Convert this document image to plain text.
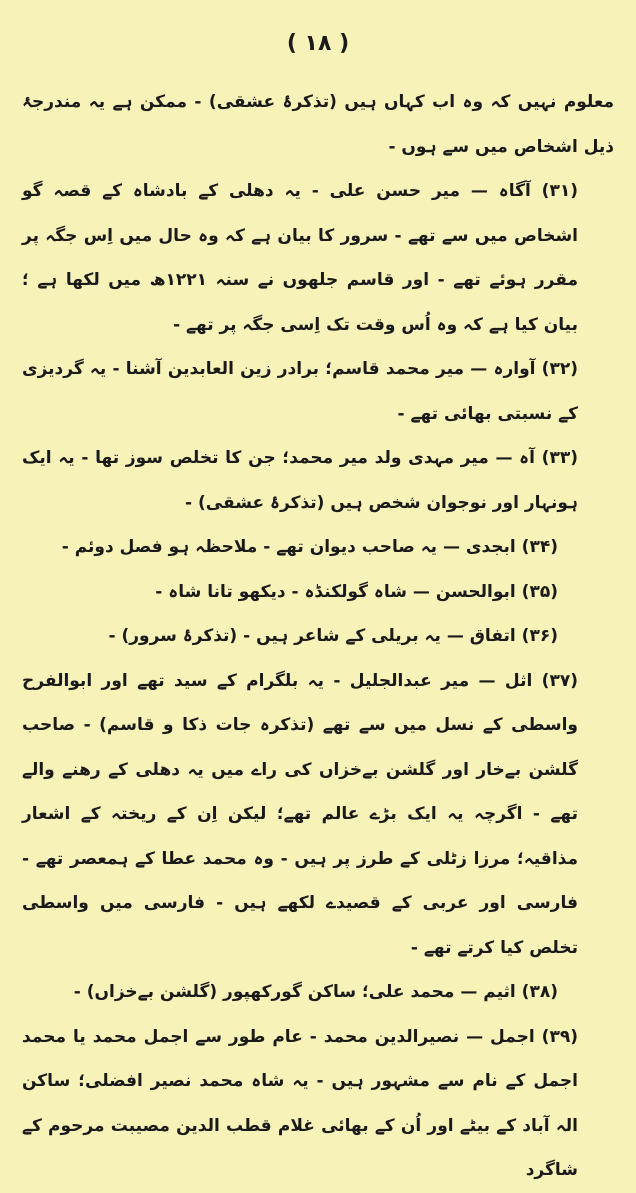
( ۱۸ )

معلوم نہیں کہ وہ اب کہاں ہیں (تذکرۂ عشقی) - ممکن ہے یہ مندرجۂ ذیل اشخاص میں سے ہوں -

(۳۱) آگاہ — میر حسن علی - یہ دھلی کے بادشاہ کے قصہ گو اشخاص میں سے تھے - سرور کا بیان ہے کہ وہ حال میں اِس جگہ پر مقرر ہوئے تھے - اور قاسم جلھوں نے سنہ ۱۲۲۱ھ میں لکھا ہے ؛ بیان کیا ہے کہ وہ اُس وقت تک اِسی جگہ پر تھے -

(۳۲) آوارہ — میر محمد قاسم؛ برادر زین العابدین آشنا - یہ گردیزی کے نسبتی بھائی تھے -

(۳۳) آہ — میر مہدی ولد میر محمد؛ جن کا تخلص سوز تھا - یہ ایک ہونہار اور نوجوان شخص ہیں (تذکرۂ عشقی) -

(۳۴) ابجدی — یہ صاحب دیوان تھے - ملاحظہ ہو فصل دوئم -

(۳۵) ابوالحسن — شاہ گولکنڈہ - دیکھو تانا شاہ -

(۳۶) اتفاق — یہ بریلی کے شاعر ہیں - (تذکرۂ سرور) -

(۳۷) اثل — میر عبدالجلیل - یہ بلگرام کے سید تھے اور ابوالفرح واسطی کے نسل میں سے تھے (تذکرہ جات ذکا و قاسم) - صاحب گلشن بےخار اور گلشن بےخزاں کی راے میں یہ دھلی کے رھنے والے تھے - اگرچہ یہ ایک بڑے عالم تھے؛ لیکن اِن کے ریختہ کے اشعار مذاقیہ؛ مرزا زٹلی کے طرز پر ہیں - وہ محمد عطا کے ہمعصر تھے - فارسی اور عربی کے قصیدے لکھے ہیں - فارسی میں واسطی تخلص کیا کرتے تھے -

(۳۸) اثیم — محمد علی؛ ساکن گورکھپور (گلشن بےخزاں) -

(۳۹) اجمل — نصیرالدین محمد - عام طور سے اجمل محمد یا محمد اجمل کے نام سے مشہور ہیں - یہ شاہ محمد نصیر افضلی؛ ساکن الہ آباد کے بیٹے اور اُن کے بھائی غلام قطب الدین مصیبت مرحوم کے شاگرد
